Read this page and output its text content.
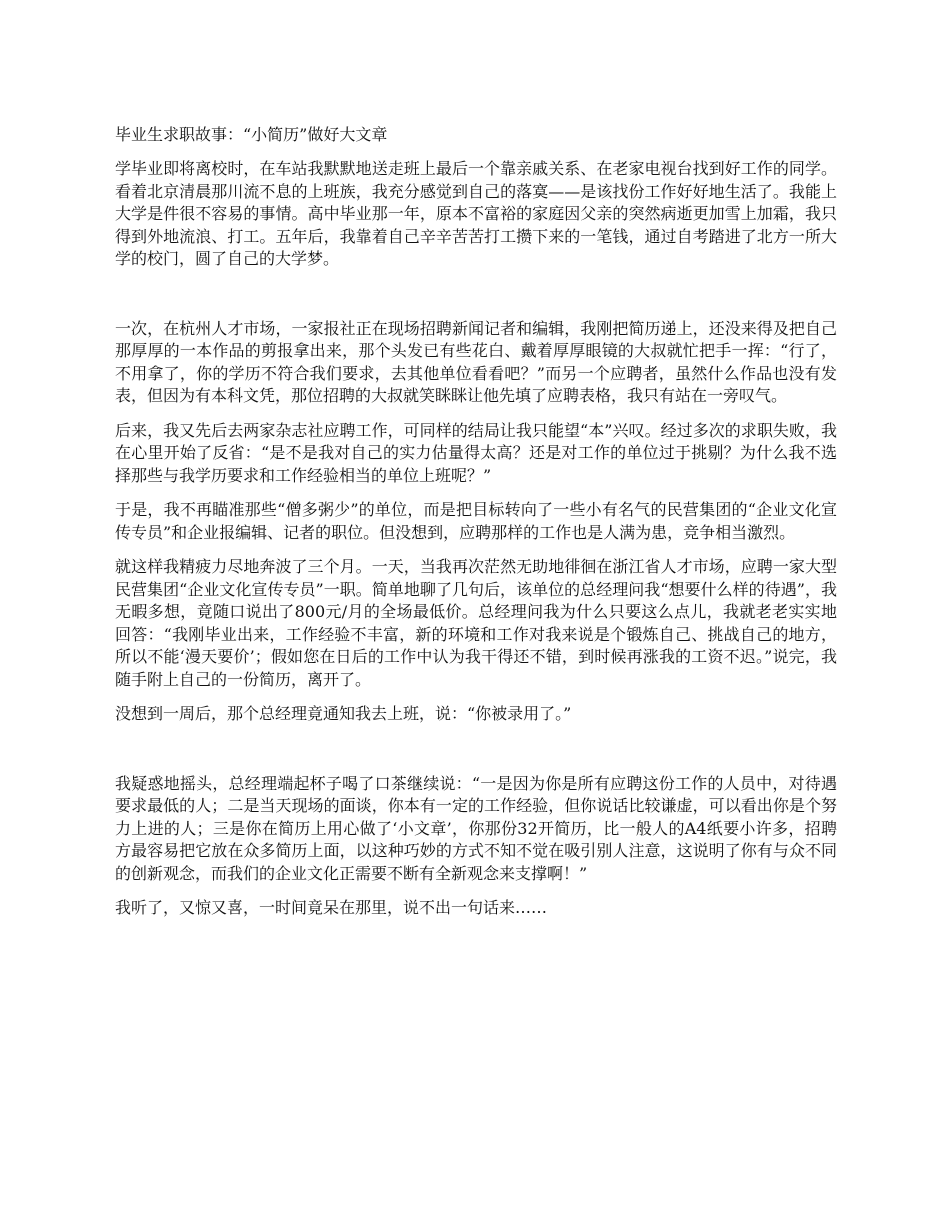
毕业生求职故事：“小简历”做好大文章

学毕业即将离校时，在车站我默默地送走班上最后一个靠亲戚关系、在老家电视台找到好工作的同学。看着北京清晨那川流不息的上班族，我充分感觉到自己的落寞——是该找份工作好好地生活了。我能上大学是件很不容易的事情。高中毕业那一年，原本不富裕的家庭因父亲的突然病逝更加雪上加霜，我只得到外地流浪、打工。五年后，我靠着自己辛辛苦苦打工攒下来的一笔钱，通过自考踏进了北方一所大学的校门，圆了自己的大学梦。

一次，在杭州人才市场，一家报社正在现场招聘新闻记者和编辑，我刚把简历递上，还没来得及把自己那厚厚的一本作品的剪报拿出来，那个头发已有些花白、戴着厚厚眼镜的大叔就忙把手一挥：“行了，不用拿了，你的学历不符合我们要求，去其他单位看看吧？”而另一个应聘者，虽然什么作品也没有发表，但因为有本科文凭，那位招聘的大叔就笑眯眯让他先填了应聘表格，我只有站在一旁叹气。

后来，我又先后去两家杂志社应聘工作，可同样的结局让我只能望“本”兴叹。经过多次的求职失败，我在心里开始了反省：“是不是我对自己的实力估量得太高？还是对工作的单位过于挑剔？为什么我不选择那些与我学历要求和工作经验相当的单位上班呢？”

于是，我不再瞄准那些“僧多粥少”的单位，而是把目标转向了一些小有名气的民营集团的“企业文化宣传专员”和企业报编辑、记者的职位。但没想到，应聘那样的工作也是人满为患，竞争相当激烈。

就这样我精疲力尽地奔波了三个月。一天，当我再次茫然无助地徘徊在浙江省人才市场，应聘一家大型民营集团“企业文化宣传专员”一职。简单地聊了几句后，该单位的总经理问我“想要什么样的待遇”，我无暇多想，竟随口说出了800元/月的全场最低价。总经理问我为什么只要这么点儿，我就老老实实地回答：“我刚毕业出来，工作经验不丰富，新的环境和工作对我来说是个锻炼自己、挑战自己的地方，所以不能‘漫天要价’；假如您在日后的工作中认为我干得还不错，到时候再涨我的工资不迟。”说完，我随手附上自己的一份简历，离开了。

没想到一周后，那个总经理竟通知我去上班，说：“你被录用了。”

我疑惑地摇头，总经理端起杯子喝了口茶继续说：“一是因为你是所有应聘这份工作的人员中，对待遇要求最低的人；二是当天现场的面谈，你本有一定的工作经验，但你说话比较谦虚，可以看出你是个努力上进的人；三是你在简历上用心做了‘小文章’，你那份32开简历，比一般人的A4纸要小许多，招聘方最容易把它放在众多简历上面，以这种巧妙的方式不知不觉在吸引别人注意，这说明了你有与众不同的创新观念，而我们的企业文化正需要不断有全新观念来支撑啊！”

我听了，又惊又喜，一时间竟呆在那里，说不出一句话来……
